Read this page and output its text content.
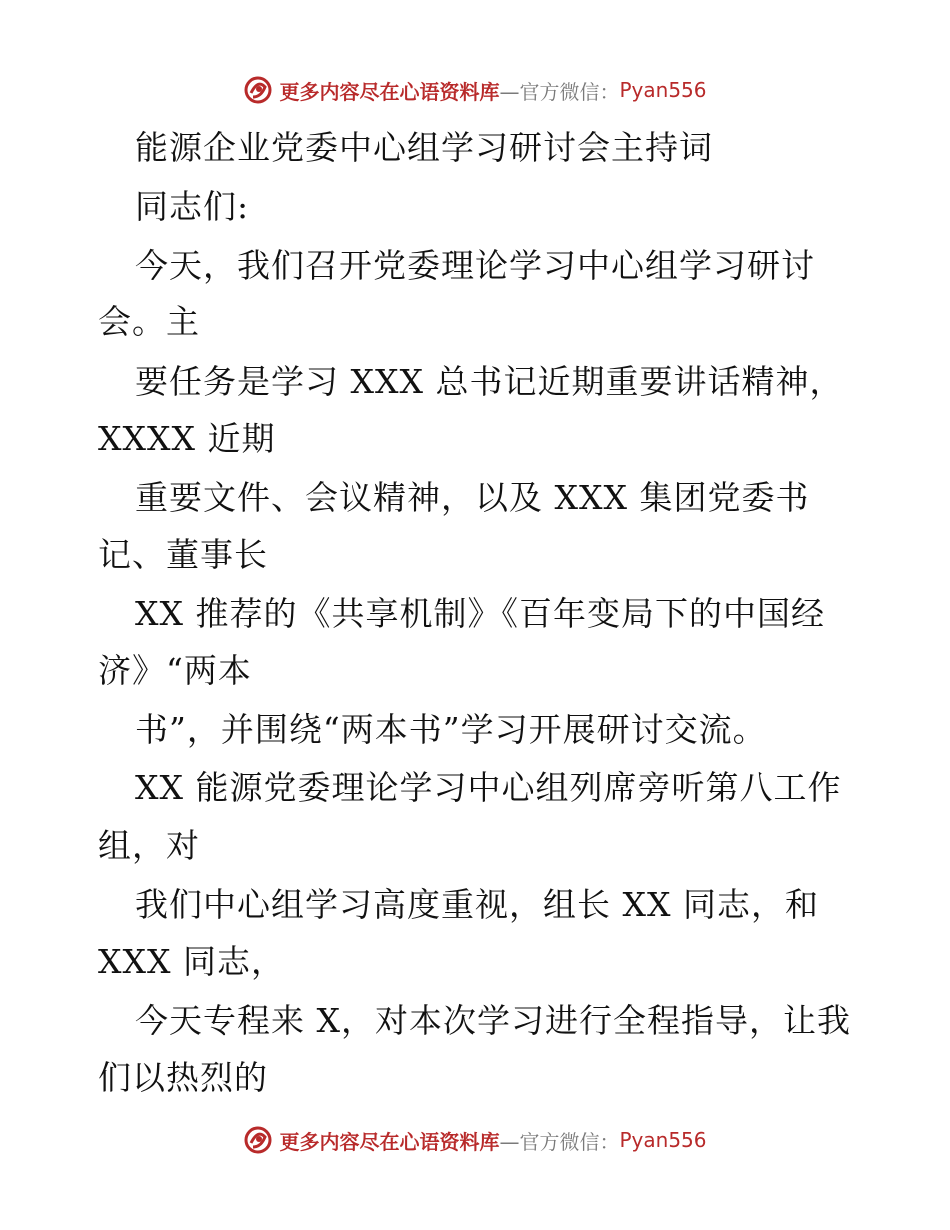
更多内容尽在心语资料库 —官方微信： Pyan556
能源企业党委中心组学习研讨会主持词
同志们:
今天，我们召开党委理论学习中心组学习研讨
会。主
要任务是学习 XXX 总书记近期重要讲话精神，
XXXX 近期
重要文件、会议精神，以及 XXX 集团党委书
记、董事长
XX 推荐的《共享机制》《百年变局下的中国经
济》“两本
书”，并围绕“两本书”学习开展研讨交流。
XX 能源党委理论学习中心组列席旁听第八工作
组，对
我们中心组学习高度重视，组长 XX 同志，和
XXX 同志，
今天专程来 X，对本次学习进行全程指导，让我
们以热烈的
更多内容尽在心语资料库 —官方微信： Pyan556
